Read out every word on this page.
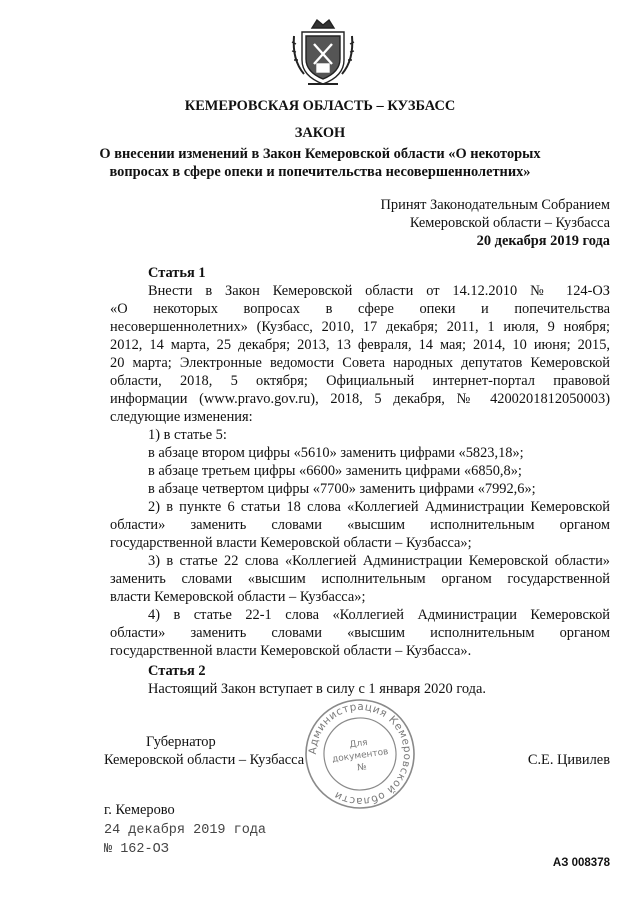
КЕМЕРОВСКАЯ ОБЛАСТЬ – КУЗБАСС
ЗАКОН
О внесении изменений в Закон Кемеровской области «О некоторых
вопросах в сфере опеки и попечительства несовершеннолетних»
Принят Законодательным Собранием
Кемеровской области – Кузбасса
20 декабря 2019 года
Статья 1
Внести в Закон Кемеровской области от 14.12.2010 № 124-ОЗ
«О некоторых вопросах в сфере опеки и попечительства
несовершеннолетних» (Кузбасс, 2010, 17 декабря; 2011, 1 июля, 9 ноября;
2012, 14 марта, 25 декабря; 2013, 13 февраля, 14 мая; 2014, 10 июня; 2015,
20 марта; Электронные ведомости Совета народных депутатов Кемеровской
области, 2018, 5 октября; Официальный интернет-портал правовой
информации (www.pravo.gov.ru), 2018, 5 декабря, № 4200201812050003)
следующие изменения:
1) в статье 5:
в абзаце втором цифры «5610» заменить цифрами «5823,18»;
в абзаце третьем цифры «6600» заменить цифрами «6850,8»;
в абзаце четвертом цифры «7700» заменить цифрами «7992,6»;
2) в пункте 6 статьи 18 слова «Коллегией Администрации Кемеровской
области» заменить словами «высшим исполнительным органом
государственной власти Кемеровской области – Кузбасса»;
3) в статье 22 слова «Коллегией Администрации Кемеровской области»
заменить словами «высшим исполнительным органом государственной
власти Кемеровской области – Кузбасса»;
4) в статье 22-1 слова «Коллегией Администрации Кемеровской
области» заменить словами «высшим исполнительным органом
государственной власти Кемеровской области – Кузбасса».
Статья 2
Настоящий Закон вступает в силу с 1 января 2020 года.
Администрация Кемеровской области
Для
документов
№
Губернатор
Кемеровской области – Кузбасса	С.Е. Цивилев
г. Кемерово
24 декабря 2019 года
№ 162-ОЗ
АЗ 008378
